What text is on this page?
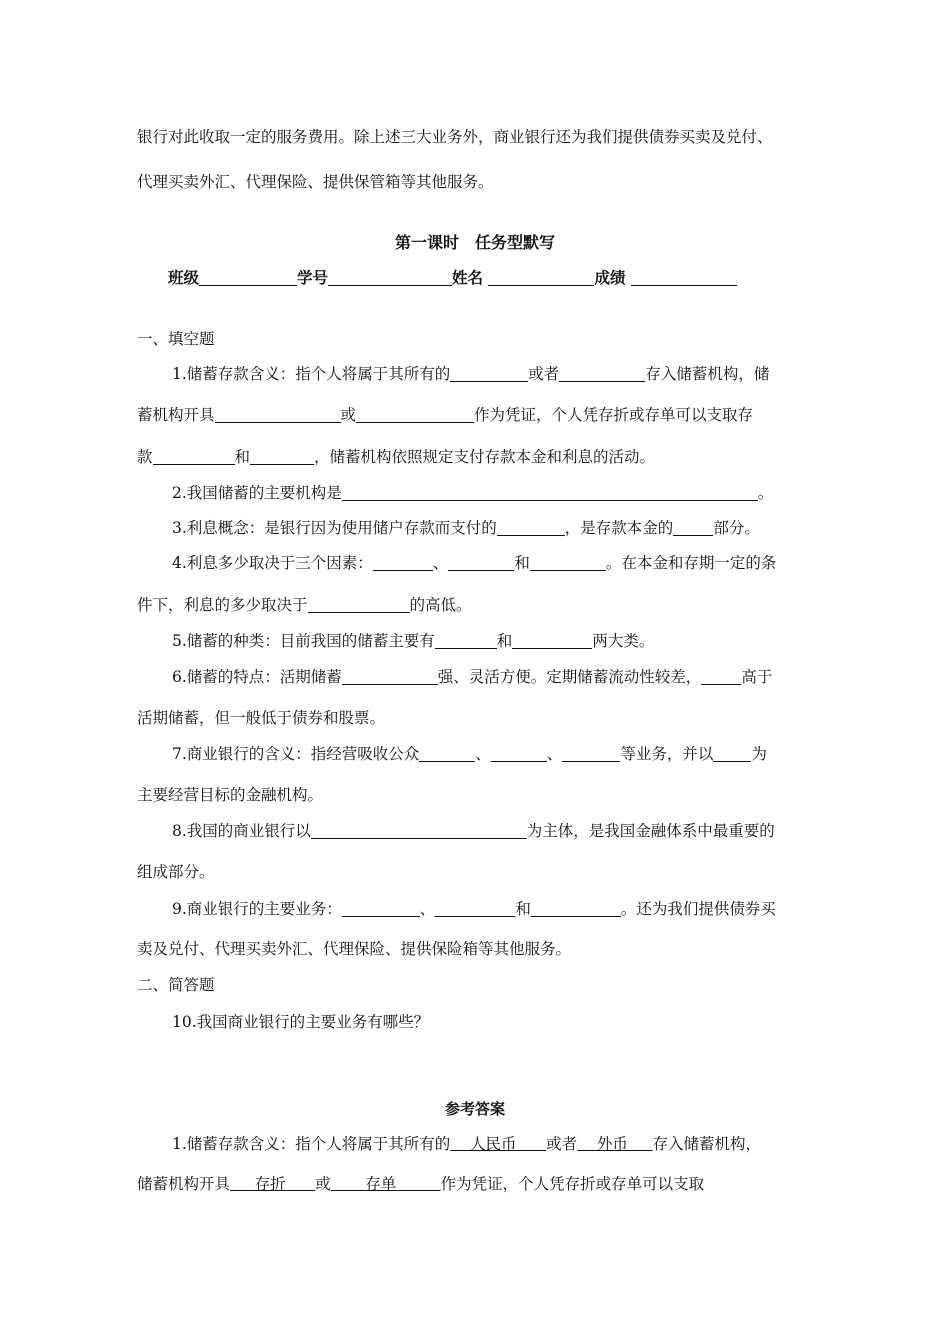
银行对此收取一定的服务费用。除上述三大业务外，商业银行还为我们提供债券买卖及兑付、
代理买卖外汇、代理保险、提供保管箱等其他服务。
第一课时　任务型默写
班级	学号	姓名	成绩
一、填空题
1.储蓄存款含义：指个人将属于其所有的	或者	存入储蓄机构，储
蓄机构开具	或	作为凭证，个人凭存折或存单可以支取存
款	和	，储蓄机构依照规定支付存款本金和利息的活动。
2.我国储蓄的主要机构是	。
3.利息概念：是银行因为使用储户存款而支付的	，是存款本金的	部分。
4.利息多少取决于三个因素：	、	和	。在本金和存期一定的条
件下，利息的多少取决于	的高低。
5.储蓄的种类：目前我国的储蓄主要有	和	两大类。
6.储蓄的特点：活期储蓄	强、灵活方便。定期储蓄流动性较差，	高于
活期储蓄，但一般低于债券和股票。
7.商业银行的含义：指经营吸收公众	、	、	等业务，并以 为
主要经营目标的金融机构。
8.我国的商业银行以	为主体，是我国金融体系中最重要的
组成部分。
9.商业银行的主要业务：	、	和	。还为我们提供债券买
卖及兑付、代理买卖外汇、代理保险、提供保险箱等其他服务。
二、简答题
10.我国商业银行的主要业务有哪些？
参考答案
1.储蓄存款含义：指个人将属于其所有的 人民币 或者 外币 存入储蓄机构，
储蓄机构开具 存折 或 存单	作为凭证，个人凭存折或存单可以支取
